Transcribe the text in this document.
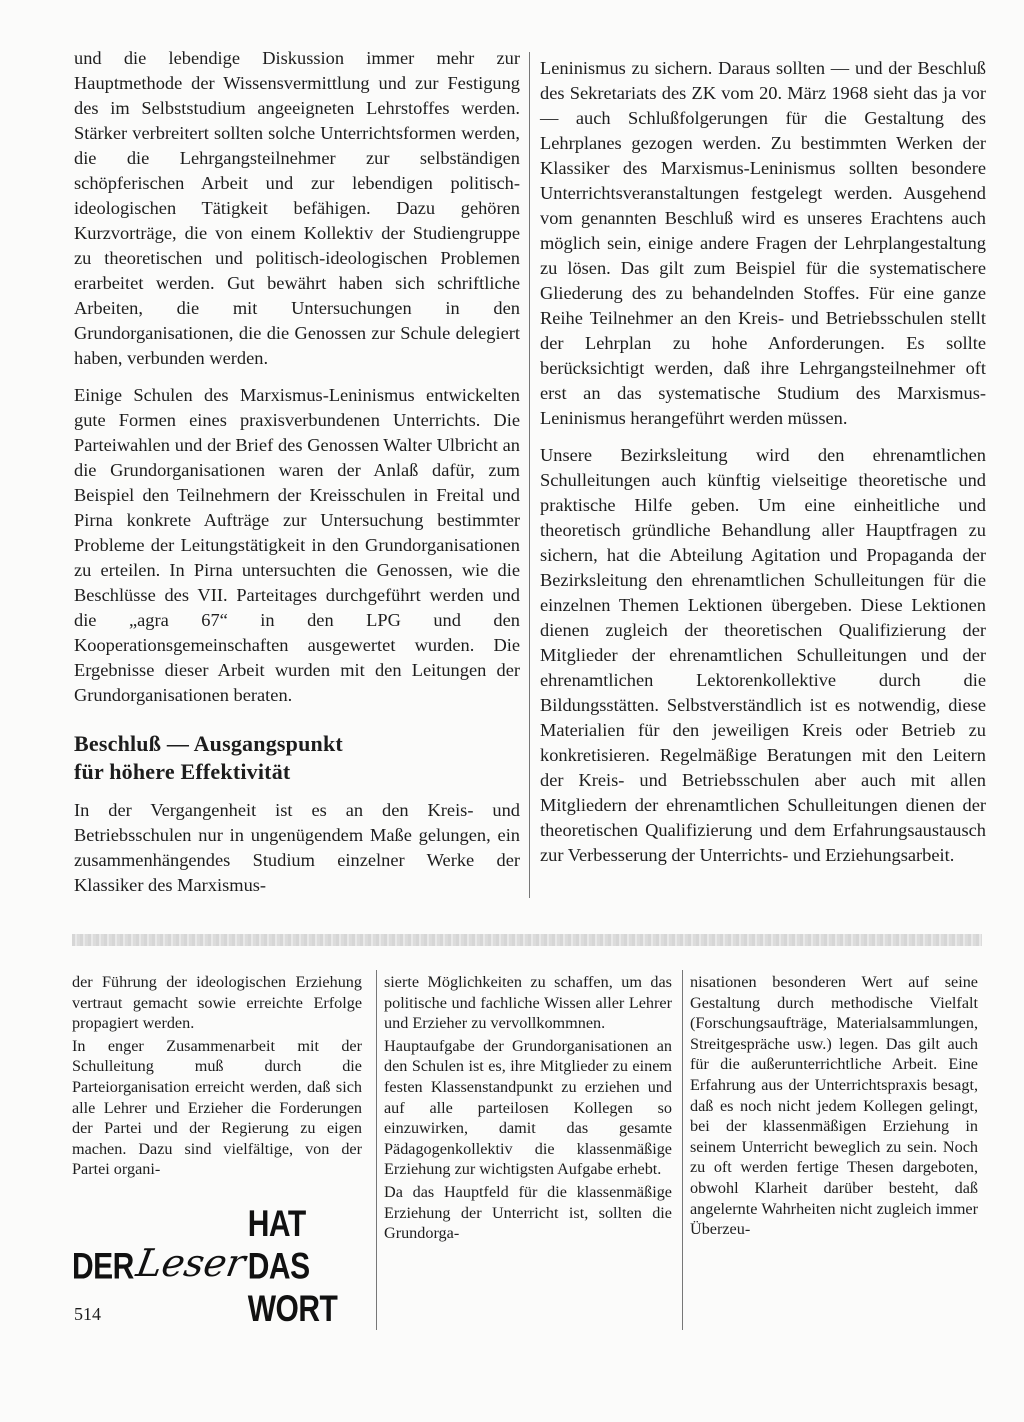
und die lebendige Diskussion immer mehr zur Hauptmethode der Wissensvermittlung und zur Festigung des im Selbststudium angeeigneten Lehrstoffes werden. Stärker verbreitert sollten solche Unterrichtsformen werden, die die Lehrgangsteilnehmer zur selbständigen schöpferischen Arbeit und zur lebendigen politisch-ideologischen Tätigkeit befähigen. Dazu gehören Kurzvorträge, die von einem Kollektiv der Studiengruppe zu theoretischen und politisch-ideologischen Problemen erarbeitet werden. Gut bewährt haben sich schriftliche Arbeiten, die mit Untersuchungen in den Grundorganisationen, die die Genossen zur Schule delegiert haben, verbunden werden.

Einige Schulen des Marxismus-Leninismus entwickelten gute Formen eines praxisverbundenen Unterrichts. Die Parteiwahlen und der Brief des Genossen Walter Ulbricht an die Grundorganisationen waren der Anlaß dafür, zum Beispiel den Teilnehmern der Kreisschulen in Freital und Pirna konkrete Aufträge zur Untersuchung bestimmter Probleme der Leitungstätigkeit in den Grundorganisationen zu erteilen. In Pirna untersuchten die Genossen, wie die Beschlüsse des VII. Parteitages durchgeführt werden und die „agra 67“ in den LPG und den Kooperationsgemeinschaften ausgewertet wurden. Die Ergebnisse dieser Arbeit wurden mit den Leitungen der Grundorganisationen beraten.

Beschluß — Ausgangspunkt
für höhere Effektivität

In der Vergangenheit ist es an den Kreis- und Betriebsschulen nur in ungenügendem Maße gelungen, ein zusammenhängendes Studium einzelner Werke der Klassiker des Marxismus-

Leninismus zu sichern. Daraus sollten — und der Beschluß des Sekretariats des ZK vom 20. März 1968 sieht das ja vor — auch Schlußfolgerungen für die Gestaltung des Lehrplanes gezogen werden. Zu bestimmten Werken der Klassiker des Marxismus-Leninismus sollten besondere Unterrichtsveranstaltungen festgelegt werden. Ausgehend vom genannten Beschluß wird es unseres Erachtens auch möglich sein, einige andere Fragen der Lehrplangestaltung zu lösen. Das gilt zum Beispiel für die systematischere Gliederung des zu behandelnden Stoffes. Für eine ganze Reihe Teilnehmer an den Kreis- und Betriebsschulen stellt der Lehrplan zu hohe Anforderungen. Es sollte berücksichtigt werden, daß ihre Lehrgangsteilnehmer oft erst an das systematische Studium des Marxismus-Leninismus herangeführt werden müssen.

Unsere Bezirksleitung wird den ehrenamtlichen Schulleitungen auch künftig vielseitige theoretische und praktische Hilfe geben. Um eine einheitliche und theoretisch gründliche Behandlung aller Hauptfragen zu sichern, hat die Abteilung Agitation und Propaganda der Bezirksleitung den ehrenamtlichen Schulleitungen für die einzelnen Themen Lektionen übergeben. Diese Lektionen dienen zugleich der theoretischen Qualifizierung der Mitglieder der ehrenamtlichen Schulleitungen und der ehrenamtlichen Lektorenkollektive durch die Bildungsstätten. Selbstverständlich ist es notwendig, diese Materialien für den jeweiligen Kreis oder Betrieb zu konkretisieren. Regelmäßige Beratungen mit den Leitern der Kreis- und Betriebsschulen aber auch mit allen Mitgliedern der ehrenamtlichen Schulleitungen dienen der theoretischen Qualifizierung und dem Erfahrungsaustausch zur Verbesserung der Unterrichts- und Erziehungsarbeit.

der Führung der ideologischen Erziehung vertraut gemacht sowie erreichte Erfolge propagiert werden.

In enger Zusammenarbeit mit der Schulleitung muß durch die Parteiorganisation erreicht werden, daß sich alle Lehrer und Erzieher die Forderungen der Partei und der Regierung zu eigen machen. Dazu sind vielfältige, von der Partei organi-

sierte Möglichkeiten zu schaffen, um das politische und fachliche Wissen aller Lehrer und Erzieher zu vervollkommnen.

Hauptaufgabe der Grundorganisationen an den Schulen ist es, ihre Mitglieder zu einem festen Klassenstandpunkt zu erziehen und auf alle parteilosen Kollegen so einzuwirken, damit das gesamte Pädagogenkollektiv die klassenmäßige Erziehung zur wichtigsten Aufgabe erhebt.

Da das Hauptfeld für die klassenmäßige Erziehung der Unterricht ist, sollten die Grundorga-

nisationen besonderen Wert auf seine Gestaltung durch methodische Vielfalt (Forschungsaufträge, Materialsammlungen, Streitgespräche usw.) legen. Das gilt auch für die außerunterrichtliche Arbeit. Eine Erfahrung aus der Unterrichtspraxis besagt, daß es noch nicht jedem Kollegen gelingt, bei der klassenmäßigen Erziehung in seinem Unterricht beweglich zu sein. Noch zu oft werden fertige Thesen dargeboten, obwohl Klarheit darüber besteht, daß angelernte Wahrheiten nicht zugleich immer Überzeu-

DER Leser
HAT DAS WORT
514
